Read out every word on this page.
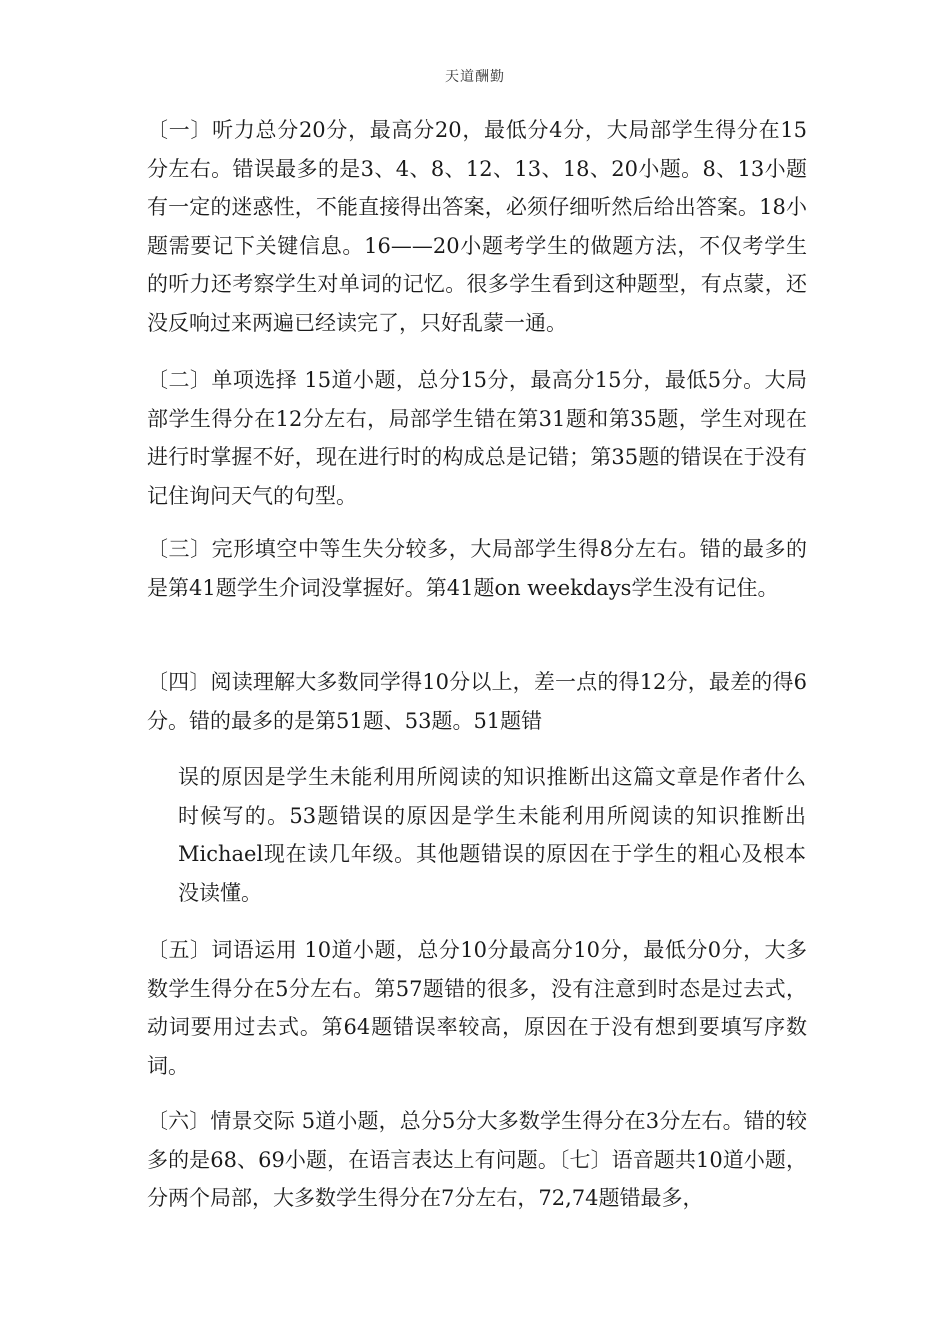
天道酬勤

〔一〕听力总分20分，最高分20，最低分4分，大局部学生得分在15分左右。错误最多的是3、4、8、12、13、18、20小题。8、13小题有一定的迷惑性，不能直接得出答案，必须仔细听然后给出答案。18小题需要记下关键信息。16——20小题考学生的做题方法，不仅考学生的听力还考察学生对单词的记忆。很多学生看到这种题型，有点蒙，还没反响过来两遍已经读完了，只好乱蒙一通。

〔二〕单项选择 15道小题，总分15分，最高分15分，最低5分。大局部学生得分在12分左右，局部学生错在第31题和第35题，学生对现在进行时掌握不好，现在进行时的构成总是记错；第35题的错误在于没有记住询问天气的句型。

〔三〕完形填空中等生失分较多，大局部学生得8分左右。错的最多的是第41题学生介词没掌握好。第41题on weekdays学生没有记住。

〔四〕阅读理解大多数同学得10分以上，差一点的得12分，最差的得6分。错的最多的是第51题、53题。51题错

误的原因是学生未能利用所阅读的知识推断出这篇文章是作者什么时候写的。53题错误的原因是学生未能利用所阅读的知识推断出Michael现在读几年级。其他题错误的原因在于学生的粗心及根本没读懂。

〔五〕词语运用 10道小题，总分10分最高分10分，最低分0分，大多数学生得分在5分左右。第57题错的很多，没有注意到时态是过去式，动词要用过去式。第64题错误率较高，原因在于没有想到要填写序数词。

〔六〕情景交际 5道小题，总分5分大多数学生得分在3分左右。错的较多的是68、69小题，在语言表达上有问题。〔七〕语音题共10道小题，分两个局部，大多数学生得分在7分左右，72,74题错最多，
